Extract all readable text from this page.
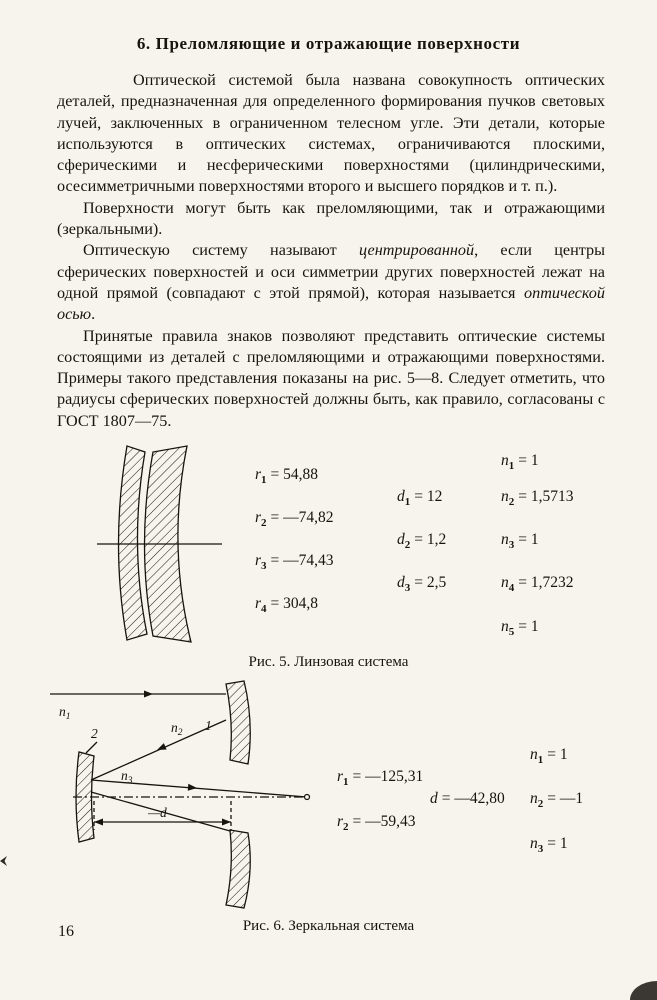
6. Преломляющие и отражающие поверхности

Оптической системой была названа совокупность оптических деталей, предназначенная для определенного формирования пучков световых лучей, заключенных в ограниченном телесном угле. Эти детали, которые используются в оптических системах, ограничиваются плоскими, сферическими и несферическими поверхностями (цилиндрическими, осесимметричными поверхностями второго и высшего порядков и т. п.).

Поверхности могут быть как преломляющими, так и отражающими (зеркальными).

Оптическую систему называют центрированной, если центры сферических поверхностей и оси симметрии других поверхностей лежат на одной прямой (совпадают с этой прямой), которая называется оптической осью.

Принятые правила знаков позволяют представить оптические системы состоящими из деталей с преломляющими и отражающими поверхностями. Примеры такого представления показаны на рис. 5—8. Следует отметить, что радиусы сферических поверхностей должны быть, как правило, согласованы с ГОСТ 1807—75.

$r_1 = 54,88$
$r_2$ = —74,82
$r_3$ = —74,43
$r_4 = 304,8$
$d_1 = 12$
$d_2 = 1,2$
$d_3 = 2,5$
$n_1 = 1$
$n_2 = 1,5713$
$n_3 = 1$
$n_4 = 1,7232$
$n_5 = 1$
Рис. 5. Линзовая система
$n_1$
$n_2$
$n_3$
2
1
—d
$r_1$ = —125,31
$r_2$ = —59,43
d = —42,80
$n_1 = 1$
$n_2$ = —1
$n_3 = 1$
Рис. 6. Зеркальная система
16
